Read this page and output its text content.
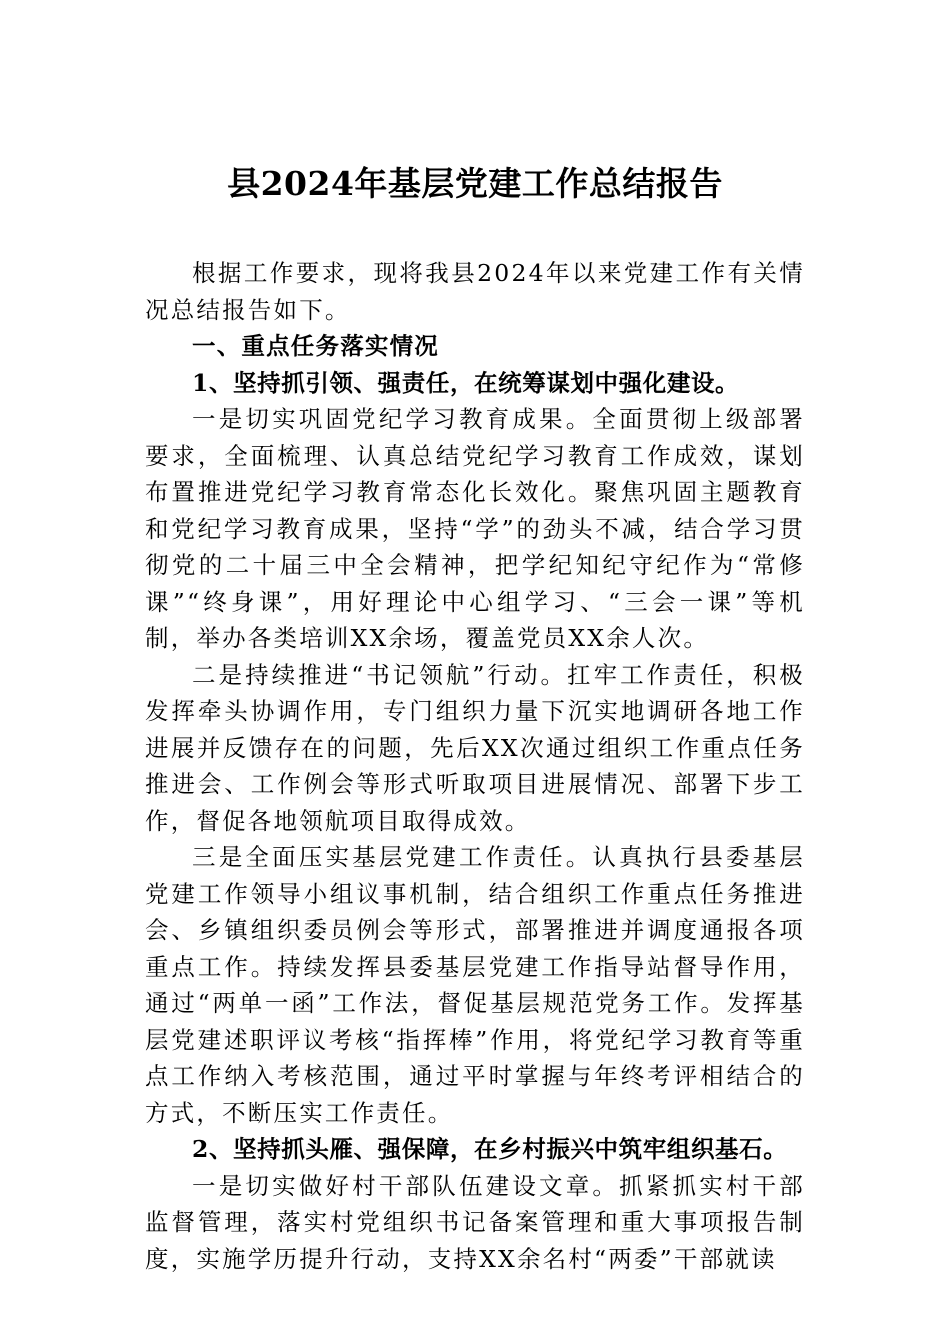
县2024年基层党建工作总结报告

根据工作要求，现将我县2024年以来党建工作有关情况总结报告如下。

一、重点任务落实情况

1、坚持抓引领、强责任，在统筹谋划中强化建设。

一是切实巩固党纪学习教育成果。全面贯彻上级部署要求，全面梳理、认真总结党纪学习教育工作成效，谋划布置推进党纪学习教育常态化长效化。聚焦巩固主题教育和党纪学习教育成果，坚持“学”的劲头不减，结合学习贯彻党的二十届三中全会精神，把学纪知纪守纪作为“常修课”“终身课”，用好理论中心组学习、“三会一课”等机制，举办各类培训XX余场，覆盖党员XX余人次。

二是持续推进“书记领航”行动。扛牢工作责任，积极发挥牵头协调作用，专门组织力量下沉实地调研各地工作进展并反馈存在的问题，先后XX次通过组织工作重点任务推进会、工作例会等形式听取项目进展情况、部署下步工作，督促各地领航项目取得成效。

三是全面压实基层党建工作责任。认真执行县委基层党建工作领导小组议事机制，结合组织工作重点任务推进会、乡镇组织委员例会等形式，部署推进并调度通报各项重点工作。持续发挥县委基层党建工作指导站督导作用，通过“两单一函”工作法，督促基层规范党务工作。发挥基层党建述职评议考核“指挥棒”作用，将党纪学习教育等重点工作纳入考核范围，通过平时掌握与年终考评相结合的方式，不断压实工作责任。

2、坚持抓头雁、强保障，在乡村振兴中筑牢组织基石。

一是切实做好村干部队伍建设文章。抓紧抓实村干部监督管理，落实村党组织书记备案管理和重大事项报告制度，实施学历提升行动，支持XX余名村“两委”干部就读
